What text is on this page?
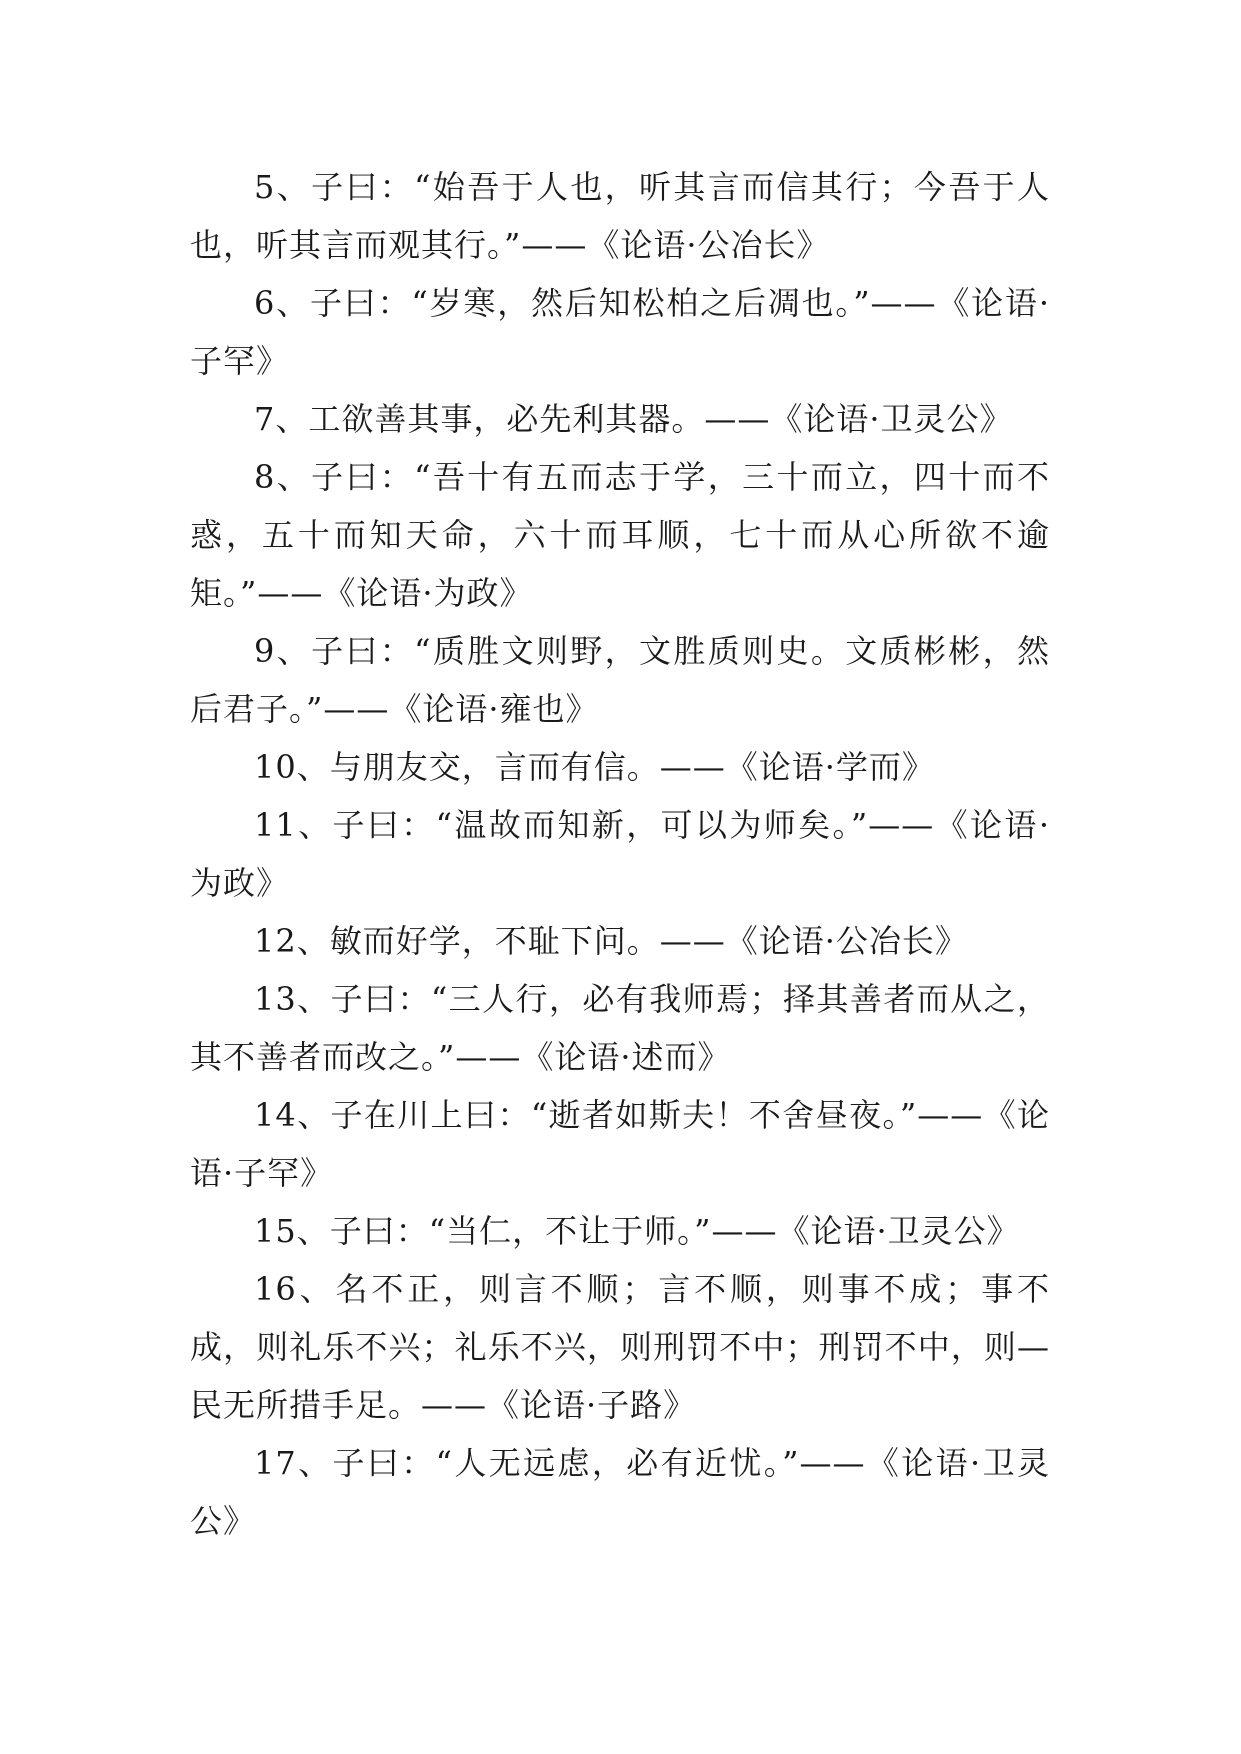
5、子曰：“始吾于人也，听其言而信其行；今吾于人也，听其言而观其行。”——《论语·公冶长》

6、子曰：“岁寒，然后知松柏之后凋也。”——《论语·子罕》

7、工欲善其事，必先利其器。——《论语·卫灵公》

8、子曰：“吾十有五而志于学，三十而立，四十而不惑，五十而知天命，六十而耳顺，七十而从心所欲不逾矩。”——《论语·为政》

9、子曰：“质胜文则野，文胜质则史。文质彬彬，然后君子。”——《论语·雍也》

10、与朋友交，言而有信。——《论语·学而》

11、子曰：“温故而知新，可以为师矣。”——《论语·为政》

12、敏而好学，不耻下问。——《论语·公冶长》

13、子曰：“三人行，必有我师焉；择其善者而从之，其不善者而改之。”——《论语·述而》

14、子在川上曰：“逝者如斯夫！不舍昼夜。”——《论语·子罕》

15、子曰：“当仁，不让于师。”——《论语·卫灵公》

16、名不正，则言不顺；言不顺，则事不成；事不成，则礼乐不兴；礼乐不兴，则刑罚不中；刑罚不中，则—民无所措手足。——《论语·子路》

17、子曰：“人无远虑，必有近忧。”——《论语·卫灵公》
